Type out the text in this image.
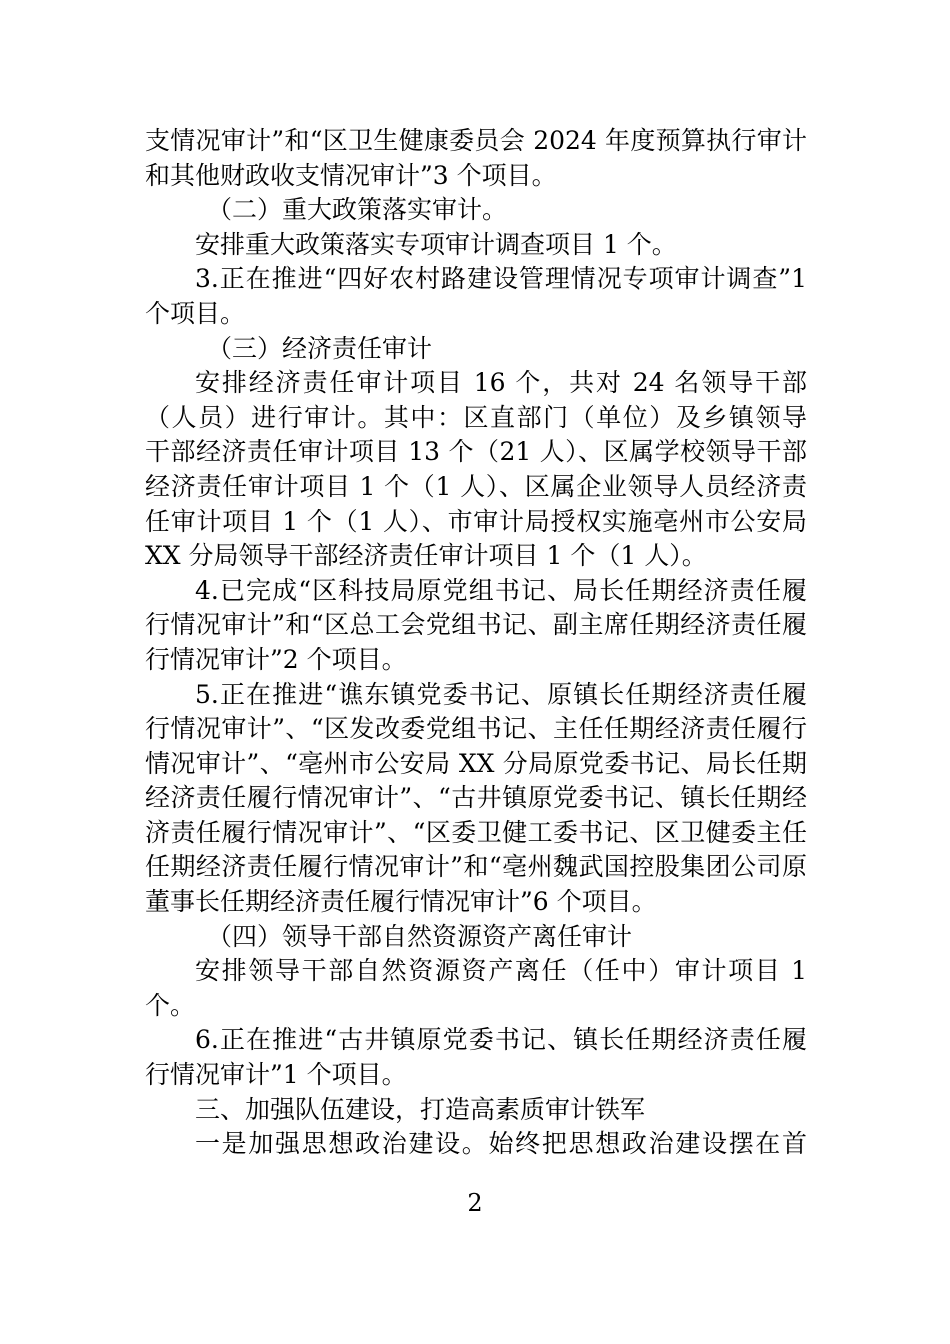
支情况审计”和“区卫生健康委员会 2024 年度预算执行审计
和其他财政收支情况审计”3 个项目。
（二）重大政策落实审计。
安排重大政策落实专项审计调查项目 1 个。
3.正在推进“四好农村路建设管理情况专项审计调查”1
个项目。
（三）经济责任审计
安排经济责任审计项目 16 个，共对 24 名领导干部
（人员）进行审计。其中：区直部门（单位）及乡镇领导
干部经济责任审计项目 13 个（21 人）、区属学校领导干部
经济责任审计项目 1 个（1 人）、区属企业领导人员经济责
任审计项目 1 个（1 人）、市审计局授权实施亳州市公安局
XX 分局领导干部经济责任审计项目 1 个（1 人）。
4.已完成“区科技局原党组书记、局长任期经济责任履
行情况审计”和“区总工会党组书记、副主席任期经济责任履
行情况审计”2 个项目。
5.正在推进“谯东镇党委书记、原镇长任期经济责任履
行情况审计”、“区发改委党组书记、主任任期经济责任履行
情况审计”、“亳州市公安局 XX 分局原党委书记、局长任期
经济责任履行情况审计”、“古井镇原党委书记、镇长任期经
济责任履行情况审计”、“区委卫健工委书记、区卫健委主任
任期经济责任履行情况审计”和“亳州魏武国控股集团公司原
董事长任期经济责任履行情况审计”6 个项目。
（四）领导干部自然资源资产离任审计
安排领导干部自然资源资产离任（任中）审计项目 1
个。
6.正在推进“古井镇原党委书记、镇长任期经济责任履
行情况审计”1 个项目。
三、加强队伍建设，打造高素质审计铁军
一是加强思想政治建设。始终把思想政治建设摆在首
2
